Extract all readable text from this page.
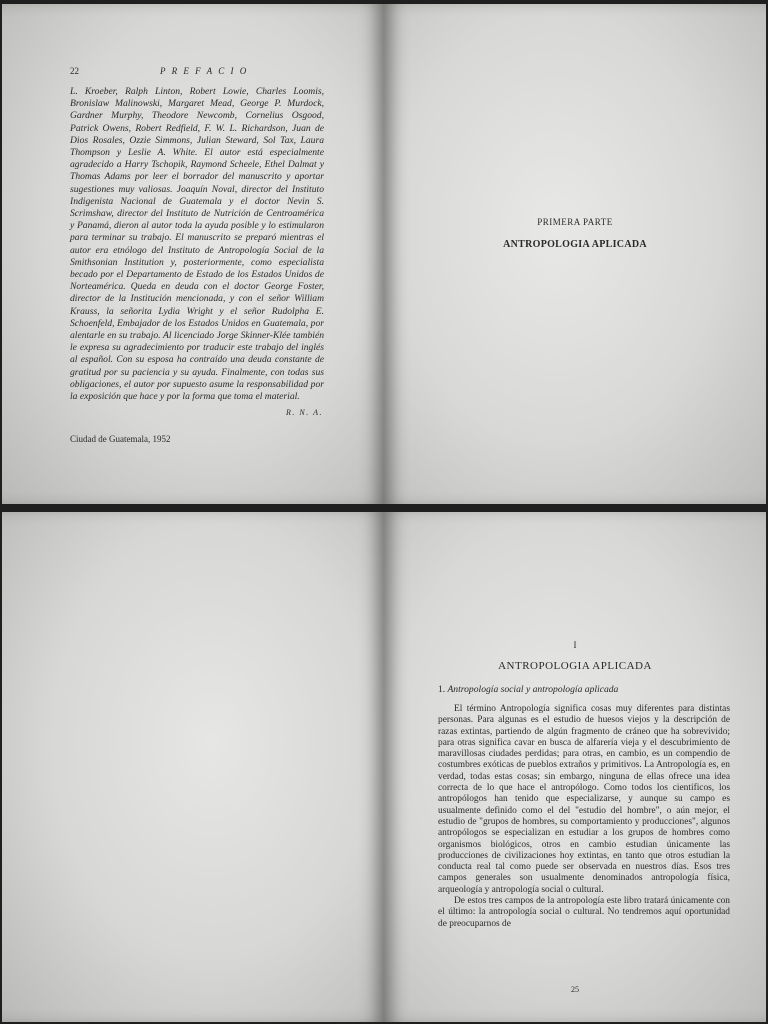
22	P R E F A C I O

L. Kroeber, Ralph Linton, Robert Lowie, Charles Loomis, Bronislaw Malinowski, Margaret Mead, George P. Murdock, Gardner Murphy, Theodore Newcomb, Cornelius Osgood, Patrick Owens, Robert Redfield, F. W. L. Richardson, Juan de Dios Rosales, Ozzie Simmons, Julian Steward, Sol Tax, Laura Thompson y Leslie A. White. El autor está especialmente agradecido a Harry Tschopik, Raymond Scheele, Ethel Dalmat y Thomas Adams por leer el borrador del manuscrito y aportar sugestiones muy valiosas. Joaquín Noval, director del Instituto Indigenista Nacional de Guatemala y el doctor Nevin S. Scrimshaw, director del Instituto de Nutrición de Centroamérica y Panamá, dieron al autor toda la ayuda posible y lo estimularon para terminar su trabajo. El manuscrito se preparó mientras el autor era etnólogo del Instituto de Antropología Social de la Smithsonian Institution y, posteriormente, como especialista becado por el Departamento de Estado de los Estados Unidos de Norteamérica. Queda en deuda con el doctor George Foster, director de la Institución mencionada, y con el señor William Krauss, la señorita Lydia Wright y el señor Rudolpha E. Schoenfeld, Embajador de los Estados Unidos en Guatemala, por alentarle en su trabajo. Al licenciado Jorge Skinner-Klée también le expresa su agradecimiento por traducir este trabajo del inglés al español. Con su esposa ha contraído una deuda constante de gratitud por su paciencia y su ayuda. Finalmente, con todas sus obligaciones, el autor por supuesto asume la responsabilidad por la exposición que hace y por la forma que toma el material.

R. N. A.
Ciudad de Guatemala, 1952
PRIMERA PARTE
ANTROPOLOGIA APLICADA
I
ANTROPOLOGIA APLICADA
1. Antropología social y antropología aplicada

El término Antropología significa cosas muy diferentes para distintas personas. Para algunas es el estudio de huesos viejos y la descripción de razas extintas, partiendo de algún fragmento de cráneo que ha sobrevivido; para otras significa cavar en busca de alfarería vieja y el descubrimiento de maravillosas ciudades perdidas; para otras, en cambio, es un compendio de costumbres exóticas de pueblos extraños y primitivos. La Antropología es, en verdad, todas estas cosas; sin embargo, ninguna de ellas ofrece una idea correcta de lo que hace el antropólogo. Como todos los científicos, los antropólogos han tenido que especializarse, y aunque su campo es usualmente definido como el del "estudio del hombre", o aún mejor, el estudio de "grupos de hombres, su comportamiento y producciones", algunos antropólogos se especializan en estudiar a los grupos de hombres como organismos biológicos, otros en cambio estudian únicamente las producciones de civilizaciones hoy extintas, en tanto que otros estudian la conducta real tal como puede ser observada en nuestros días. Esos tres campos generales son usualmente denominados antropología física, arqueología y antropología social o cultural.

De estos tres campos de la antropología este libro tratará únicamente con el último: la antropología social o cultural. No tendremos aquí oportunidad de preocuparnos de

25
